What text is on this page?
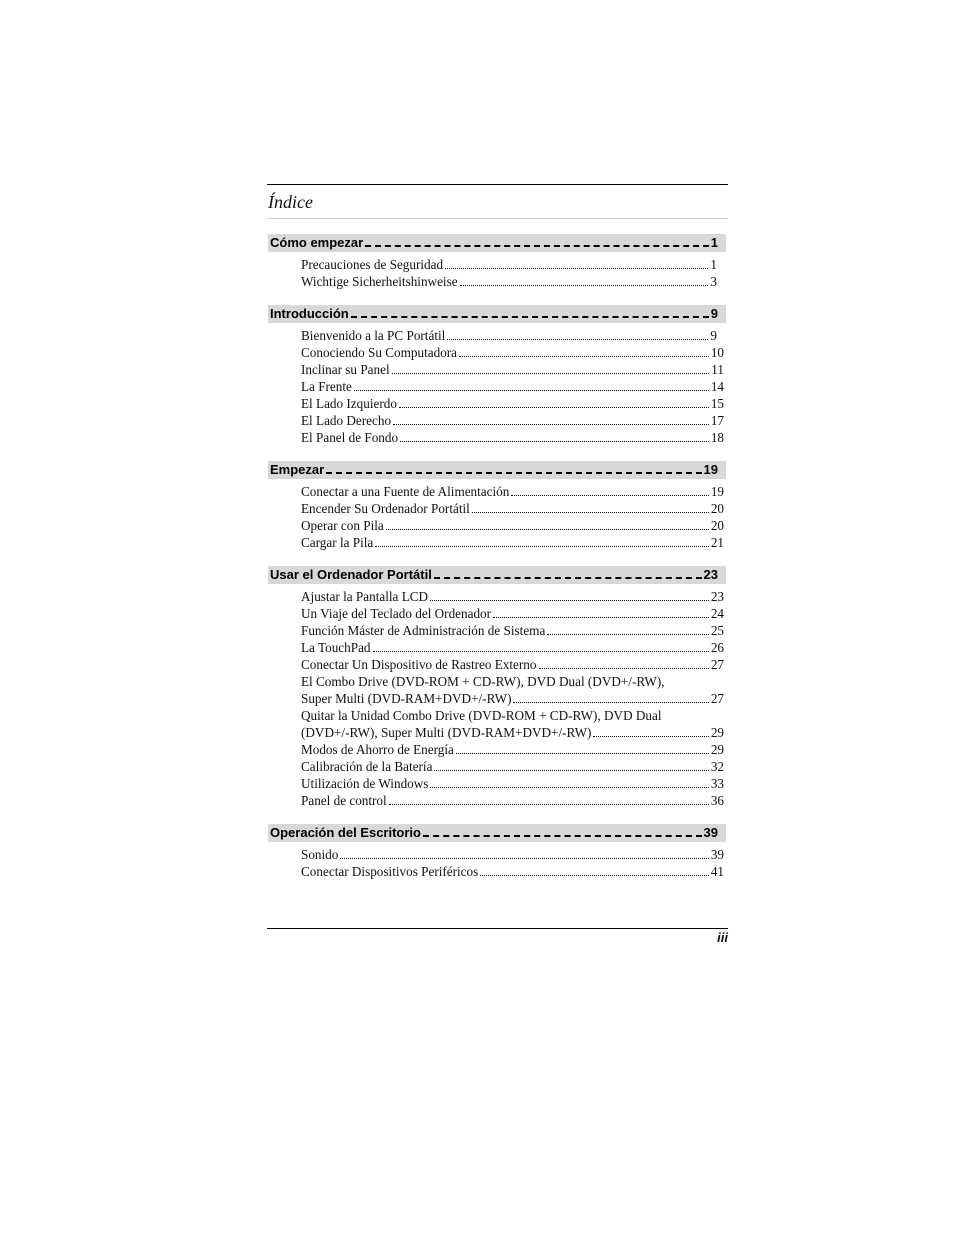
Índice
Cómo empezar	1
Precauciones de Seguridad	1
Wichtige Sicherheitshinweise	3
Introducción	9
Bienvenido a la PC Portátil	9
Conociendo Su Computadora	10
Inclinar su Panel	11
La Frente	14
El Lado Izquierdo	15
El Lado Derecho	17
El Panel de Fondo	18
Empezar	19
Conectar a una Fuente de Alimentación	19
Encender Su Ordenador Portátil	20
Operar con Pila	20
Cargar la Pila	21
Usar el Ordenador Portátil	23
Ajustar la Pantalla LCD	23
Un Viaje del Teclado del Ordenador	24
Función Máster de Administración de Sistema	25
La TouchPad	26
Conectar Un Dispositivo de Rastreo Externo	27
El Combo Drive (DVD-ROM + CD-RW), DVD Dual (DVD+/-RW),
Super Multi (DVD-RAM+DVD+/-RW)	27
Quitar la Unidad Combo Drive (DVD-ROM + CD-RW), DVD Dual
(DVD+/-RW), Super Multi (DVD-RAM+DVD+/-RW)	29
Modos de Ahorro de Energía	29
Calibración de la Batería	32
Utilización de Windows	33
Panel de control	36
Operación del Escritorio	39
Sonido	39
Conectar Dispositivos Periféricos	41
iii
